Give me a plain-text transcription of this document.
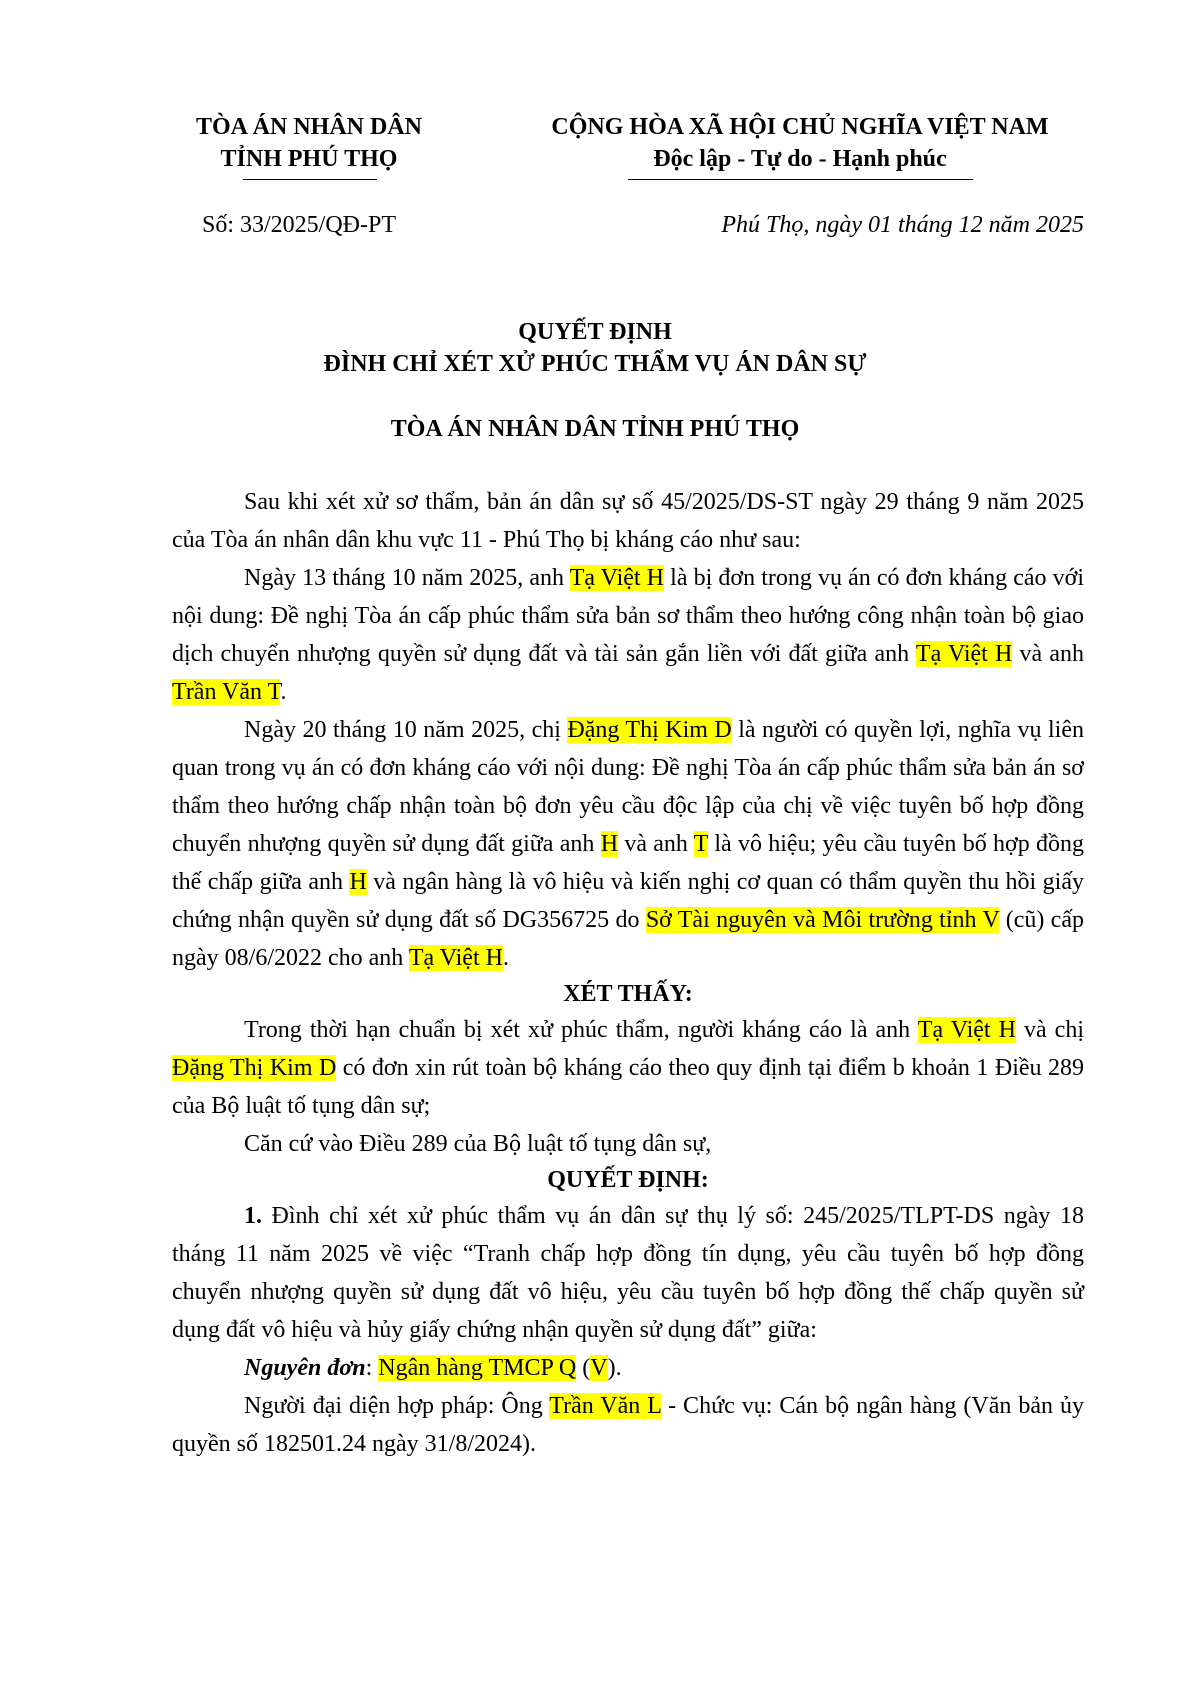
TÒA ÁN NHÂN DÂN
TỈNH PHÚ THỌ
CỘNG HÒA XÃ HỘI CHỦ NGHĨA VIỆT NAM
Độc lập - Tự do - Hạnh phúc
Số: 33/2025/QĐ-PT	Phú Thọ, ngày 01 tháng 12 năm 2025
QUYẾT ĐỊNH
ĐÌNH CHỈ XÉT XỬ PHÚC THẨM VỤ ÁN DÂN SỰ
TÒA ÁN NHÂN DÂN TỈNH PHÚ THỌ

Sau khi xét xử sơ thẩm, bản án dân sự số 45/2025/DS-ST ngày 29 tháng 9 năm 2025 của Tòa án nhân dân khu vực 11 - Phú Thọ bị kháng cáo như sau:

Ngày 13 tháng 10 năm 2025, anh Tạ Việt H là bị đơn trong vụ án có đơn kháng cáo với nội dung: Đề nghị Tòa án cấp phúc thẩm sửa bản sơ thẩm theo hướng công nhận toàn bộ giao dịch chuyển nhượng quyền sử dụng đất và tài sản gắn liền với đất giữa anh Tạ Việt H và anh Trần Văn T.

Ngày 20 tháng 10 năm 2025, chị Đặng Thị Kim D là người có quyền lợi, nghĩa vụ liên quan trong vụ án có đơn kháng cáo với nội dung: Đề nghị Tòa án cấp phúc thẩm sửa bản án sơ thẩm theo hướng chấp nhận toàn bộ đơn yêu cầu độc lập của chị về việc tuyên bố hợp đồng chuyển nhượng quyền sử dụng đất giữa anh H và anh T là vô hiệu; yêu cầu tuyên bố hợp đồng thế chấp giữa anh H và ngân hàng là vô hiệu và kiến nghị cơ quan có thẩm quyền thu hồi giấy chứng nhận quyền sử dụng đất số DG356725 do Sở Tài nguyên và Môi trường tỉnh V (cũ) cấp ngày 08/6/2022 cho anh Tạ Việt H.

XÉT THẤY:

Trong thời hạn chuẩn bị xét xử phúc thẩm, người kháng cáo là anh Tạ Việt H và chị Đặng Thị Kim D có đơn xin rút toàn bộ kháng cáo theo quy định tại điểm b khoản 1 Điều 289 của Bộ luật tố tụng dân sự;

Căn cứ vào Điều 289 của Bộ luật tố tụng dân sự,

QUYẾT ĐỊNH:

1. Đình chỉ xét xử phúc thẩm vụ án dân sự thụ lý số: 245/2025/TLPT-DS ngày 18 tháng 11 năm 2025 về việc “Tranh chấp hợp đồng tín dụng, yêu cầu tuyên bố hợp đồng chuyển nhượng quyền sử dụng đất vô hiệu, yêu cầu tuyên bố hợp đồng thế chấp quyền sử dụng đất vô hiệu và hủy giấy chứng nhận quyền sử dụng đất” giữa:

Nguyên đơn: Ngân hàng TMCP Q (V).

Người đại diện hợp pháp: Ông Trần Văn L - Chức vụ: Cán bộ ngân hàng (Văn bản ủy quyền số 182501.24 ngày 31/8/2024).
